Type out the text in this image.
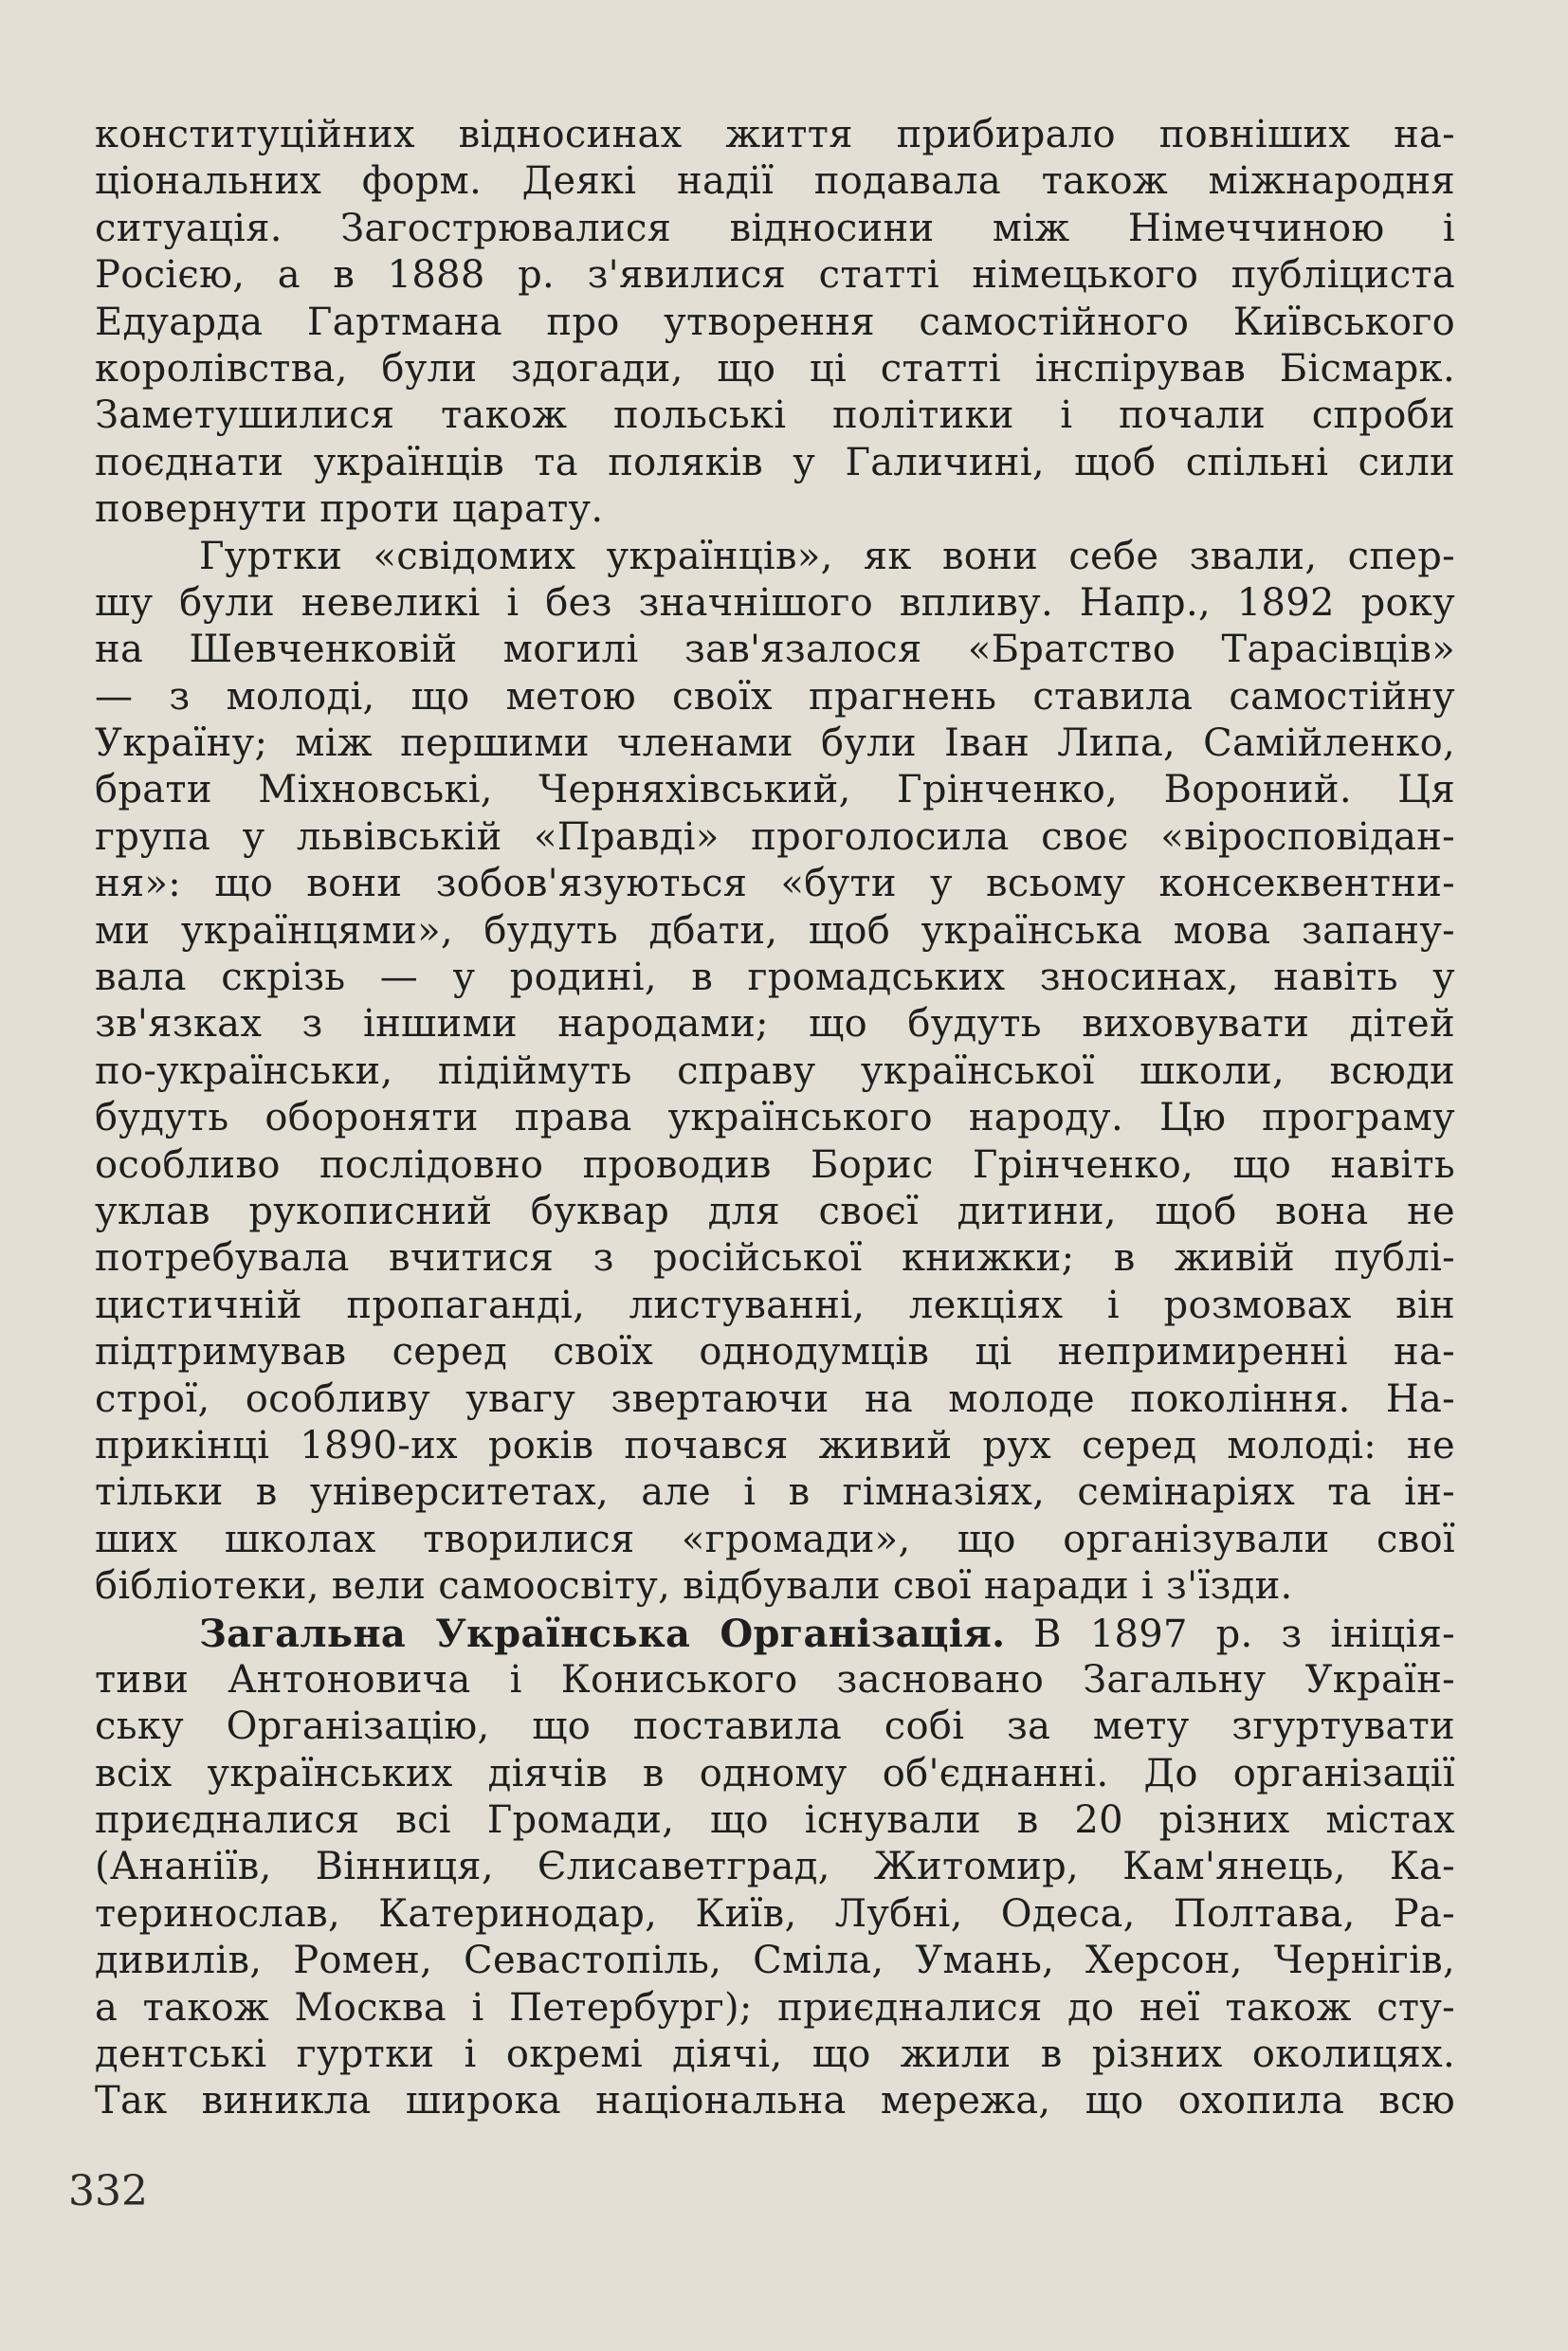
конституційних відносинах життя прибирало повніших на-
ціональних форм. Деякі надії подавала також міжнародня
ситуація. Загострювалися відносини між Німеччиною і
Росією, а в 1888 р. з'явилися статті німецького публіциста
Едуарда Гартмана про утворення самостійного Київського
королівства, були здогади, що ці статті інспірував Бісмарк.
Заметушилися також польські політики і почали спроби
поєднати українців та поляків у Галичині, щоб спільні сили
повернути проти царату.
Гуртки «свідомих українців», як вони себе звали, спер-
шу були невеликі і без значнішого впливу. Напр., 1892 року
на Шевченковій могилі зав'язалося «Братство Тарасівців»
— з молоді, що метою своїх прагнень ставила самостійну
Україну; між першими членами були Іван Липа, Самійленко,
брати Міхновські, Черняхівський, Грінченко, Вороний. Ця
група у львівській «Правді» проголосила своє «віросповідан-
ня»: що вони зобов'язуються «бути у всьому консеквентни-
ми українцями», будуть дбати, щоб українська мова запану-
вала скрізь — у родині, в громадських зносинах, навіть у
зв'язках з іншими народами; що будуть виховувати дітей
по-українськи, підіймуть справу української школи, всюди
будуть обороняти права українського народу. Цю програму
особливо послідовно проводив Борис Грінченко, що навіть
уклав рукописний буквар для своєї дитини, щоб вона не
потребувала вчитися з російської книжки; в живій публі-
цистичній пропаганді, листуванні, лекціях і розмовах він
підтримував серед своїх однодумців ці непримиренні на-
строї, особливу увагу звертаючи на молоде покоління. На-
прикінці 1890-их років почався живий рух серед молоді: не
тільки в університетах, але і в гімназіях, семінаріях та ін-
ших школах творилися «громади», що організували свої
бібліотеки, вели самоосвіту, відбували свої наради і з'їзди.
Загальна Українська Організація. В 1897 р. з ініція-
тиви Антоновича і Кониського засновано Загальну Україн-
ську Організацію, що поставила собі за мету згуртувати
всіх українських діячів в одному об'єднанні. До організації
приєдналися всі Громади, що існували в 20 різних містах
(Ананіїв, Вінниця, Єлисаветград, Житомир, Кам'янець, Ка-
теринослав, Катеринодар, Київ, Лубні, Одеса, Полтава, Ра-
дивилів, Ромен, Севастопіль, Сміла, Умань, Херсон, Чернігів,
а також Москва і Петербург); приєдналися до неї також сту-
дентські гуртки і окремі діячі, що жили в різних околицях.
Так виникла широка національна мережа, що охопила всю
332
